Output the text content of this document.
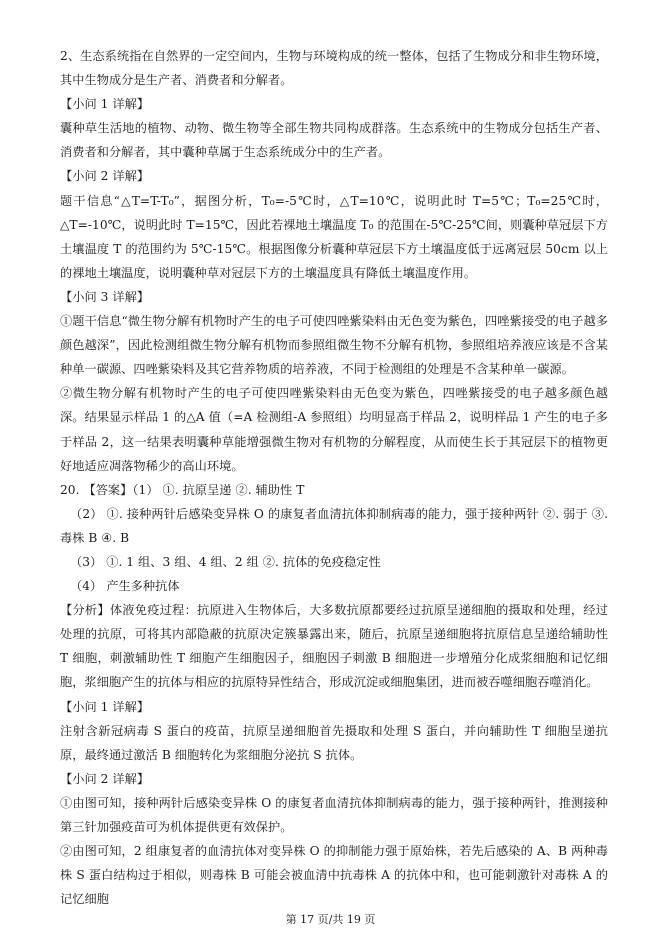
2、生态系统指在自然界的一定空间内，生物与环境构成的统一整体，包括了生物成分和非生物环境，其中生物成分是生产者、消费者和分解者。

【小问 1 详解】

囊种草生活地的植物、动物、微生物等全部生物共同构成群落。生态系统中的生物成分包括生产者、消费者和分解者，其中囊种草属于生态系统成分中的生产者。

【小问 2 详解】

题干信息“△T=T-T₀”，据图分析，T₀=-5℃时，△T=10℃，说明此时 T=5℃；T₀=25℃时，△T=-10℃，说明此时 T=15℃，因此若裸地土壤温度 T₀ 的范围在-5℃-25℃间，则囊种草冠层下方土壤温度 T 的范围约为 5℃-15℃。根据图像分析囊种草冠层下方土壤温度低于远离冠层 50cm 以上的裸地土壤温度，说明囊种草对冠层下方的土壤温度具有降低土壤温度作用。

【小问 3 详解】

①题干信息“微生物分解有机物时产生的电子可使四唑紫染料由无色变为紫色，四唑紫接受的电子越多颜色越深”，因此检测组微生物分解有机物而参照组微生物不分解有机物，参照组培养液应该是不含某种单一碳源、四唑紫染料及其它营养物质的培养液，不同于检测组的处理是不含某种单一碳源。

②微生物分解有机物时产生的电子可使四唑紫染料由无色变为紫色，四唑紫接受的电子越多颜色越深。结果显示样品 1 的△A 值（=A 检测组-A 参照组）均明显高于样品 2，说明样品 1 产生的电子多于样品 2，这一结果表明囊种草能增强微生物对有机物的分解程度，从而使生长于其冠层下的植物更好地适应凋落物稀少的高山环境。

20. 【答案】（1） ①. 抗原呈递 ②. 辅助性 T

（2） ①. 接种两针后感染变异株 O 的康复者血清抗体抑制病毒的能力，强于接种两针 ②. 弱于 ③. 毒株 B ④. B

（3） ①. 1 组、3 组、4 组、2 组 ②. 抗体的免疫稳定性

（4） 产生多种抗体

【分析】体液免疫过程：抗原进入生物体后，大多数抗原都要经过抗原呈递细胞的摄取和处理，经过处理的抗原，可将其内部隐蔽的抗原决定簇暴露出来，随后，抗原呈递细胞将抗原信息呈递给辅助性 T 细胞，刺激辅助性 T 细胞产生细胞因子，细胞因子刺激 B 细胞进一步增殖分化成浆细胞和记忆细胞，浆细胞产生的抗体与相应的抗原特异性结合，形成沉淀或细胞集团，进而被吞噬细胞吞噬消化。

【小问 1 详解】

注射含新冠病毒 S 蛋白的疫苗，抗原呈递细胞首先摄取和处理 S 蛋白，并向辅助性 T 细胞呈递抗原，最终通过激活 B 细胞转化为浆细胞分泌抗 S 抗体。

【小问 2 详解】

①由图可知，接种两针后感染变异株 O 的康复者血清抗体抑制病毒的能力，强于接种两针，推测接种第三针加强疫苗可为机体提供更有效保护。

②由图可知，2 组康复者的血清抗体对变异株 O 的抑制能力强于原始株，若先后感染的 A、B 两种毒株 S 蛋白结构过于相似，则毒株 B 可能会被血清中抗毒株 A 的抗体中和，也可能刺激针对毒株 A 的记忆细胞

第 17 页/共 19 页
